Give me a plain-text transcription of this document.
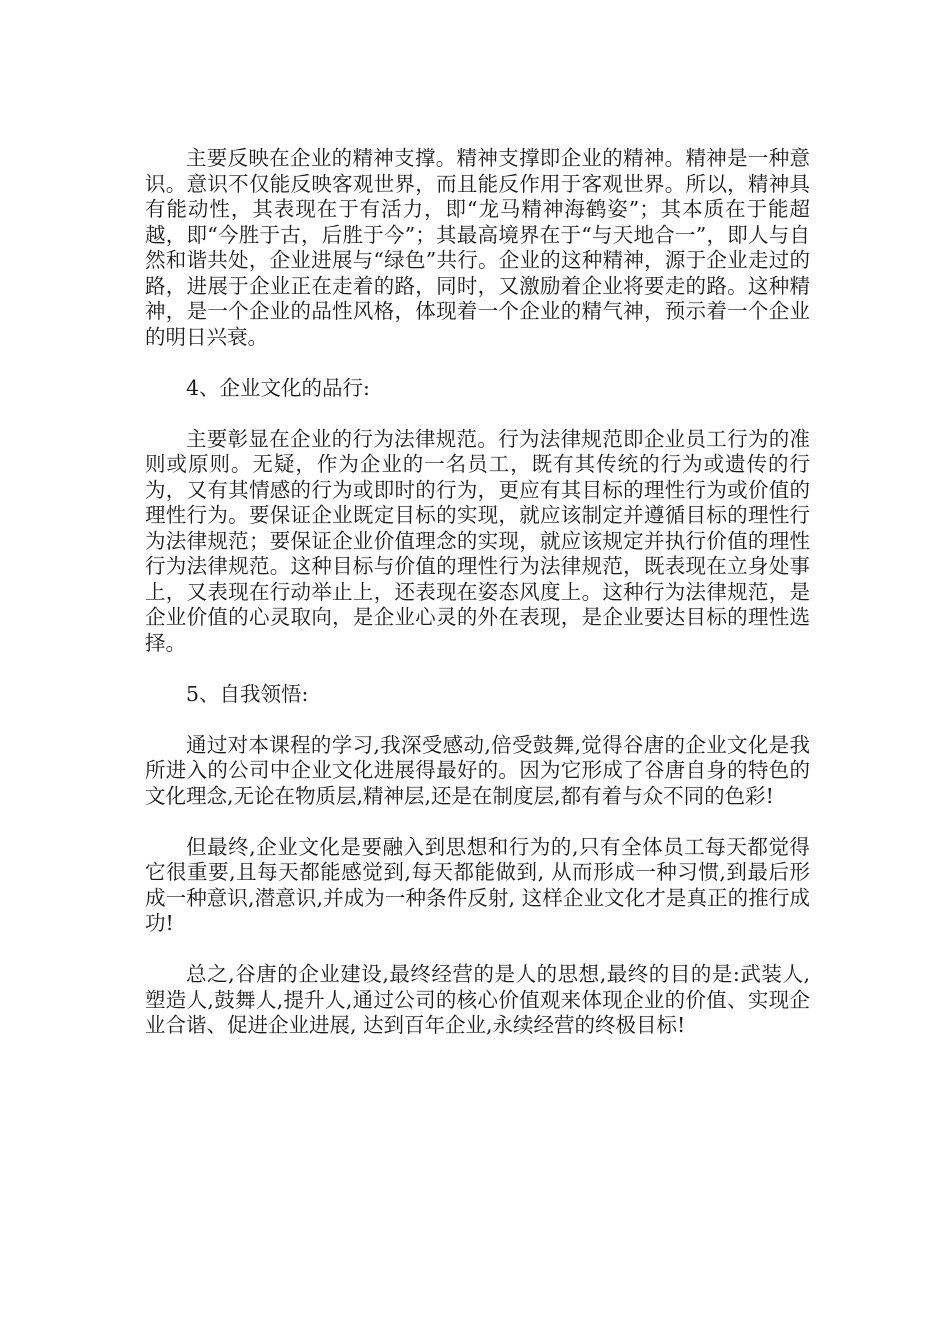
主要反映在企业的精神支撑。精神支撑即企业的精神。精神是一种意识。意识不仅能反映客观世界，而且能反作用于客观世界。所以，精神具有能动性，其表现在于有活力，即“龙马精神海鹤姿”；其本质在于能超越，即“今胜于古，后胜于今”；其最高境界在于“与天地合一”，即人与自然和谐共处，企业进展与“绿色”共行。企业的这种精神，源于企业走过的路，进展于企业正在走着的路，同时，又激励着企业将要走的路。这种精神，是一个企业的品性风格，体现着一个企业的精气神，预示着一个企业的明日兴衰。

4、企业文化的品行:

主要彰显在企业的行为法律规范。行为法律规范即企业员工行为的准则或原则。无疑，作为企业的一名员工，既有其传统的行为或遗传的行为，又有其情感的行为或即时的行为，更应有其目标的理性行为或价值的理性行为。要保证企业既定目标的实现，就应该制定并遵循目标的理性行为法律规范；要保证企业价值理念的实现，就应该规定并执行价值的理性行为法律规范。这种目标与价值的理性行为法律规范，既表现在立身处事上，又表现在行动举止上，还表现在姿态风度上。这种行为法律规范，是企业价值的心灵取向，是企业心灵的外在表现，是企业要达目标的理性选择。

5、自我领悟:

通过对本课程的学习,我深受感动,倍受鼓舞,觉得谷唐的企业文化是我所进入的公司中企业文化进展得最好的。因为它形成了谷唐自身的特色的文化理念,无论在物质层,精神层,还是在制度层,都有着与众不同的色彩!

但最终,企业文化是要融入到思想和行为的,只有全体员工每天都觉得它很重要,且每天都能感觉到,每天都能做到, 从而形成一种习惯,到最后形成一种意识,潜意识,并成为一种条件反射, 这样企业文化才是真正的推行成功!

总之,谷唐的企业建设,最终经营的是人的思想,最终的目的是:武装人,塑造人,鼓舞人,提升人,通过公司的核心价值观来体现企业的价值、实现企业合谐、促进企业进展, 达到百年企业,永续经营的终极目标!
